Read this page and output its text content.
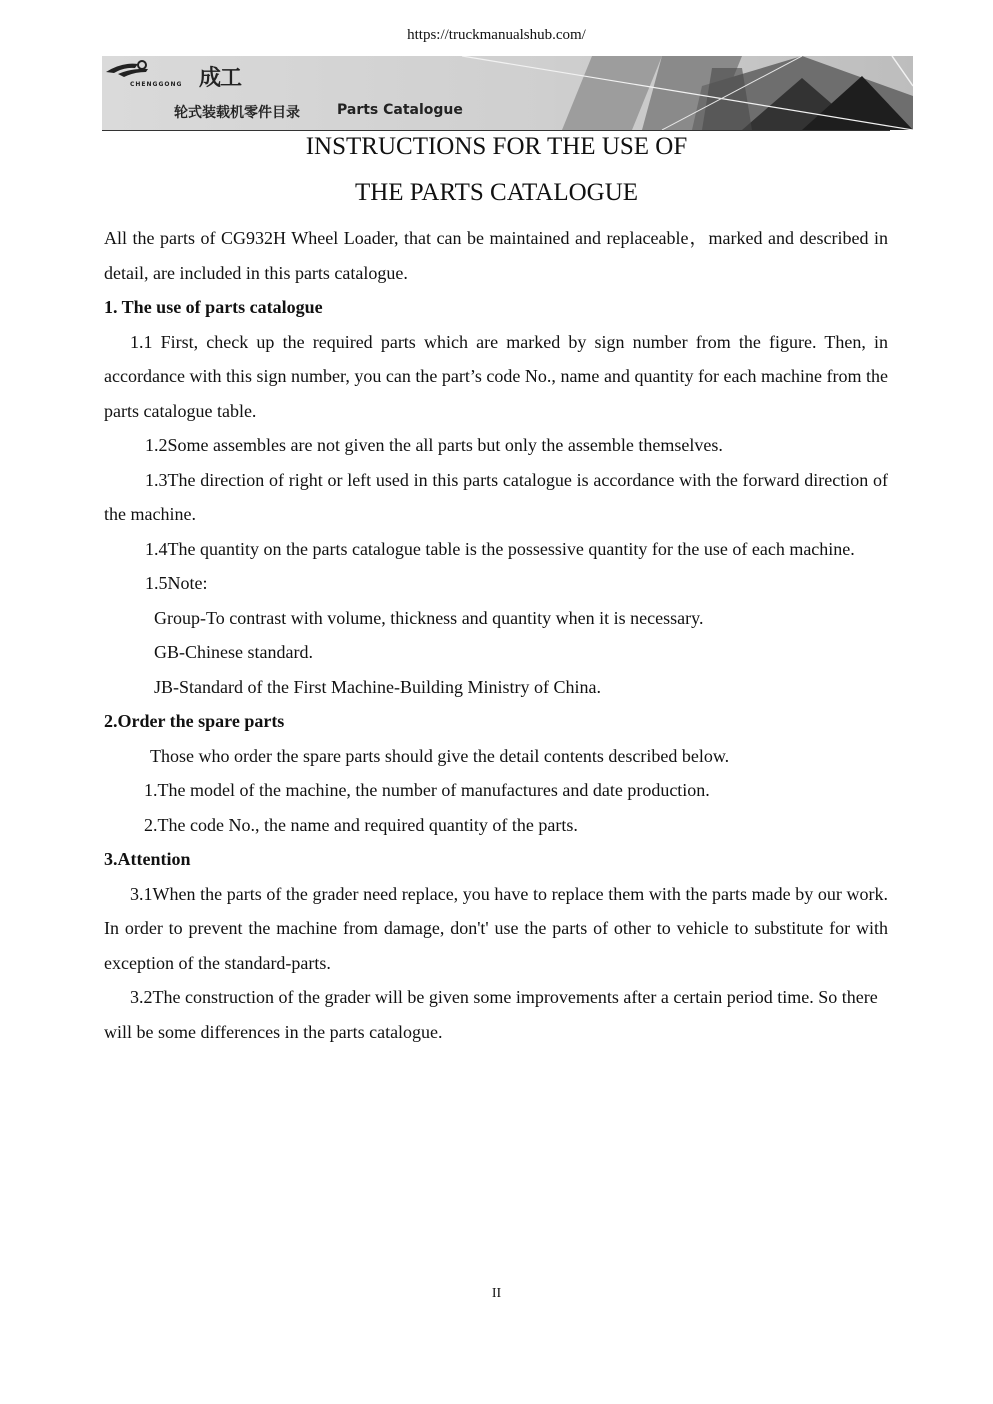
https://truckmanualshub.com/
成工
CHENGGONG
轮式装载机零件目录	Parts Catalogue
INSTRUCTIONS FOR THE USE OF
THE PARTS CATALOGUE

All the parts of CG932H Wheel Loader, that can be maintained and replaceable，marked and described in detail, are included in this parts catalogue.

1. The use of parts catalogue

1.1 First, check up the required parts which are marked by sign number from the figure. Then, in accordance with this sign number, you can the part’s code No., name and quantity for each machine from the parts catalogue table.

1.2Some assembles are not given the all parts but only the assemble themselves.

1.3The direction of right or left used in this parts catalogue is accordance with the forward direction of the machine.

1.4The quantity on the parts catalogue table is the possessive quantity for the use of each machine.

1.5Note:

Group-To contrast with volume, thickness and quantity when it is necessary.

GB-Chinese standard.

JB-Standard of the First Machine-Building Ministry of China.

2.Order the spare parts

Those who order the spare parts should give the detail contents described below.

1.The model of the machine, the number of manufactures and date production.

2.The code No., the name and required quantity of the parts.

3.Attention

3.1When the parts of the grader need replace, you have to replace them with the parts made by our work. In order to prevent the machine from damage, don't' use the parts of other to vehicle to substitute for with exception of the standard-parts.

3.2The construction of the grader will be given some improvements after a certain period time. So there will be some differences in the parts catalogue.

II
